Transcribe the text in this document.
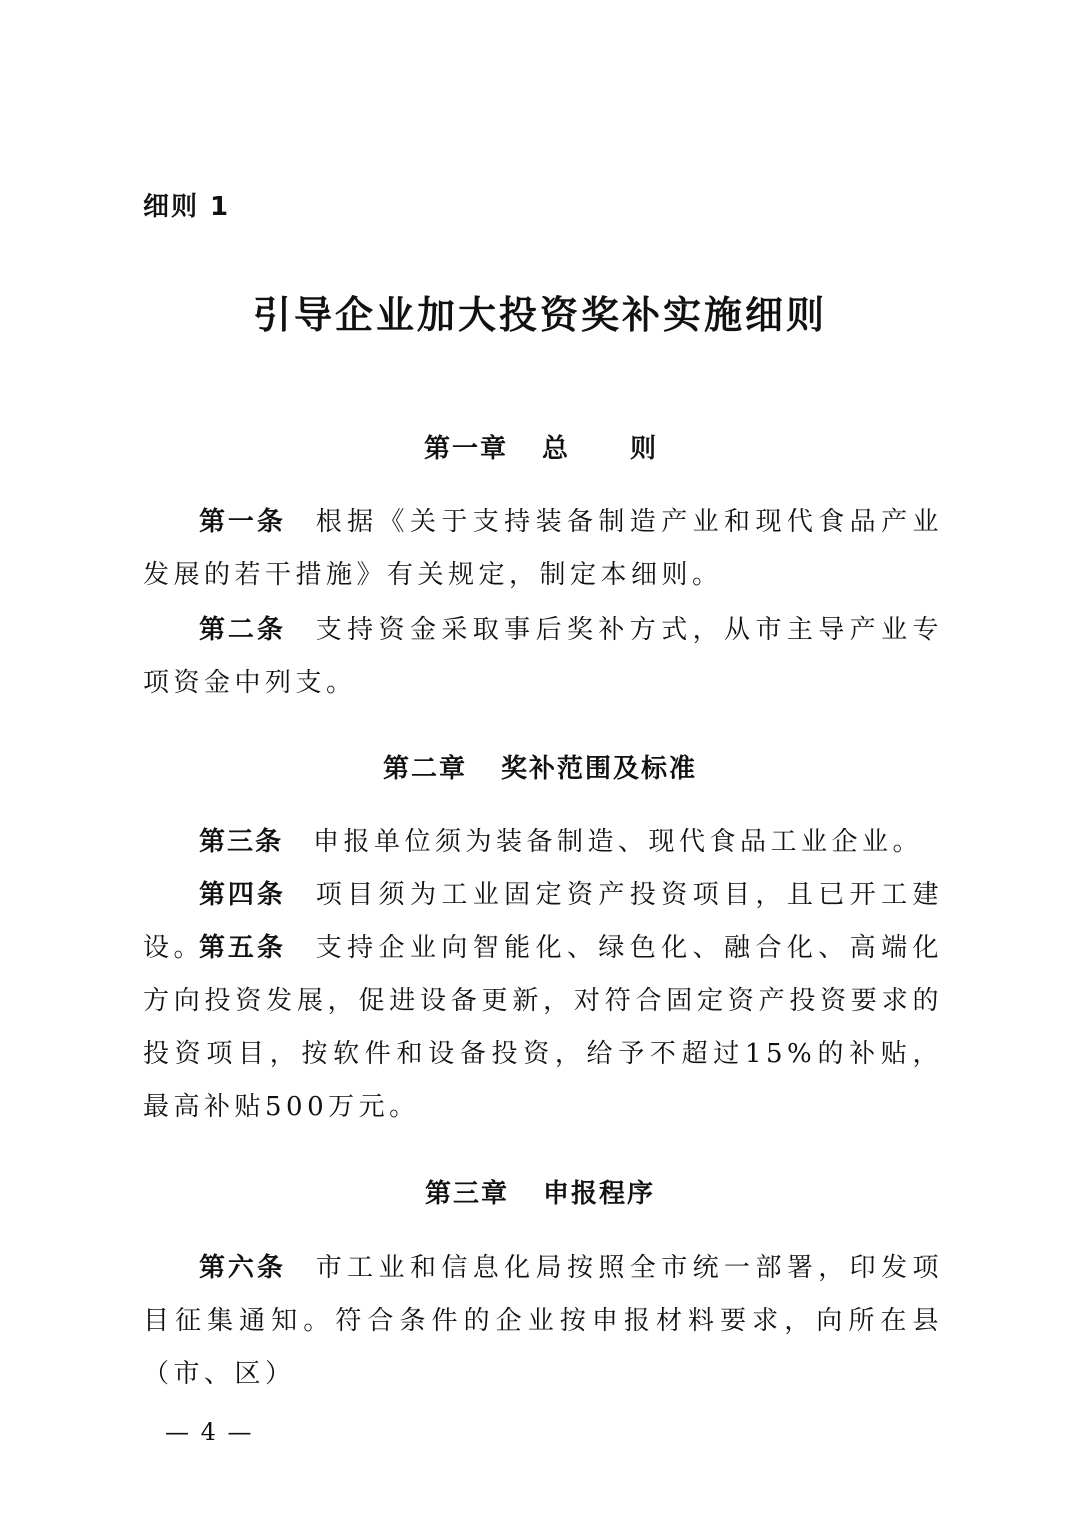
细则 1
引导企业加大投资奖补实施细则
第一章 总则

第一条 根据《关于支持装备制造产业和现代食品产业发展的若干措施》有关规定，制定本细则。

第二条 支持资金采取事后奖补方式，从市主导产业专项资金中列支。

第二章 奖补范围及标准

第三条 申报单位须为装备制造、现代食品工业企业。

第四条 项目须为工业固定资产投资项目，且已开工建设。

第五条 支持企业向智能化、绿色化、融合化、高端化方向投资发展，促进设备更新，对符合固定资产投资要求的投资项目，按软件和设备投资，给予不超过15%的补贴，最高补贴500万元。

第三章 申报程序

第六条 市工业和信息化局按照全市统一部署，印发项目征集通知。符合条件的企业按申报材料要求，向所在县（市、区）

— 4 —
